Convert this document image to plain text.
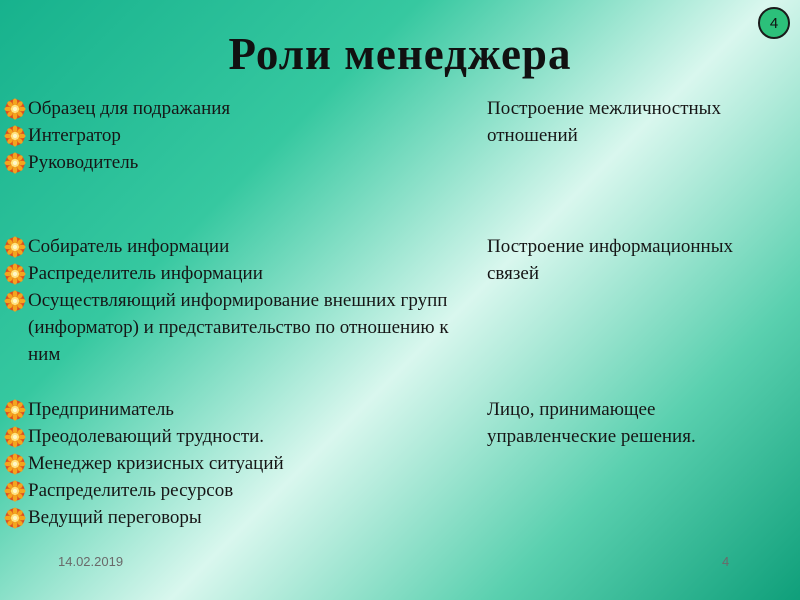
4
Роли менеджера
Образец для подражания
Интегратор
Руководитель
Построение межличностных отношений
Собиратель информации
Распределитель информации
Осуществляющий информирование внешних групп (информатор) и представительство по отношению к ним
Построение информационных связей
Предприниматель
Преодолевающий трудности.
Менеджер кризисных ситуаций
Распределитель ресурсов
Ведущий переговоры
Лицо, принимающее управленческие решения.
14.02.2019	4
